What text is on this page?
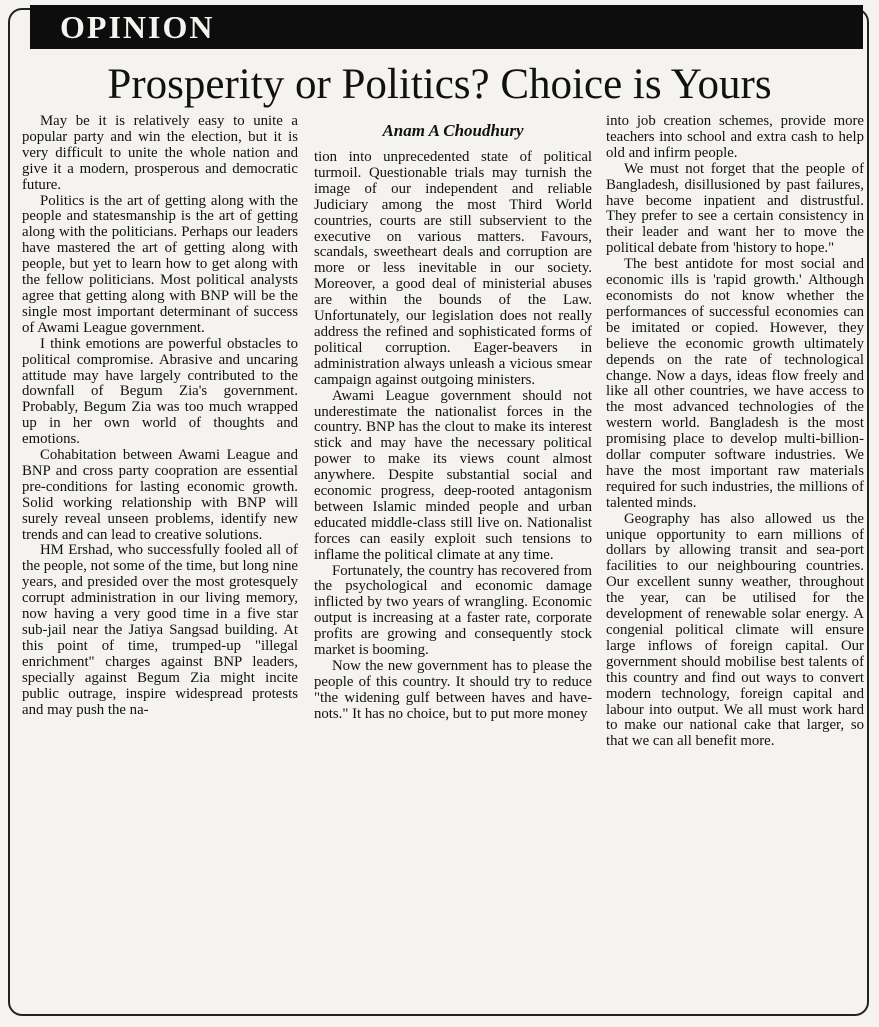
OPINION
Prosperity or Politics? Choice is Yours
Anam A Choudhury

May be it is relatively easy to unite a popular party and win the election, but it is very difficult to unite the whole nation and give it a modern, prosperous and democratic future.

Politics is the art of getting along with the people and statesmanship is the art of getting along with the politicians. Perhaps our leaders have mastered the art of getting along with people, but yet to learn how to get along with the fellow politicians. Most political analysts agree that getting along with BNP will be the single most important determinant of success of Awami League government.

I think emotions are powerful obstacles to political compromise. Abrasive and uncaring attitude may have largely contributed to the downfall of Begum Zia's government. Probably, Begum Zia was too much wrapped up in her own world of thoughts and emotions.

Cohabitation between Awami League and BNP and cross party coopration are essential pre-conditions for lasting economic growth. Solid working relationship with BNP will surely reveal unseen problems, identify new trends and can lead to creative solutions.

HM Ershad, who successfully fooled all of the people, not some of the time, but long nine years, and presided over the most grotesquely corrupt administration in our living memory, now having a very good time in a five star sub-jail near the Jatiya Sangsad building. At this point of time, trumped-up "illegal enrichment" charges against BNP leaders, specially against Begum Zia might incite public outrage, inspire widespread protests and may push the na-

tion into unprecedented state of political turmoil. Questionable trials may turnish the image of our independent and reliable Judiciary among the most Third World countries, courts are still subservient to the executive on various matters. Favours, scandals, sweetheart deals and corruption are more or less inevitable in our society. Moreover, a good deal of ministerial abuses are within the bounds of the Law. Unfortunately, our legislation does not really address the refined and sophisticated forms of political corruption. Eager-beavers in administration always unleash a vicious smear campaign against outgoing ministers.

Awami League government should not underestimate the nationalist forces in the country. BNP has the clout to make its interest stick and may have the necessary political power to make its views count almost anywhere. Despite substantial social and economic progress, deep-rooted antagonism between Islamic minded people and urban educated middle-class still live on. Nationalist forces can easily exploit such tensions to inflame the political climate at any time.

Fortunately, the country has recovered from the psychological and economic damage inflicted by two years of wrangling. Economic output is increasing at a faster rate, corporate profits are growing and consequently stock market is booming.

Now the new government has to please the people of this country. It should try to reduce "the widening gulf between haves and have-nots." It has no choice, but to put more money

into job creation schemes, provide more teachers into school and extra cash to help old and infirm people.

We must not forget that the people of Bangladesh, disillusioned by past failures, have become inpatient and distrustful. They prefer to see a certain consistency in their leader and want her to move the political debate from 'history to hope."

The best antidote for most social and economic ills is 'rapid growth.' Although economists do not know whether the performances of successful economies can be imitated or copied. However, they believe the economic growth ultimately depends on the rate of technological change. Now a days, ideas flow freely and like all other countries, we have access to the most advanced technologies of the western world. Bangladesh is the most promising place to develop multi-billion-dollar computer software industries. We have the most important raw materials required for such industries, the millions of talented minds.

Geography has also allowed us the unique opportunity to earn millions of dollars by allowing transit and sea-port facilities to our neighbouring countries. Our excellent sunny weather, throughout the year, can be utilised for the development of renewable solar energy. A congenial political climate will ensure large inflows of foreign capital. Our government should mobilise best talents of this country and find out ways to convert modern technology, foreign capital and labour into output. We all must work hard to make our national cake that larger, so that we can all benefit more.
